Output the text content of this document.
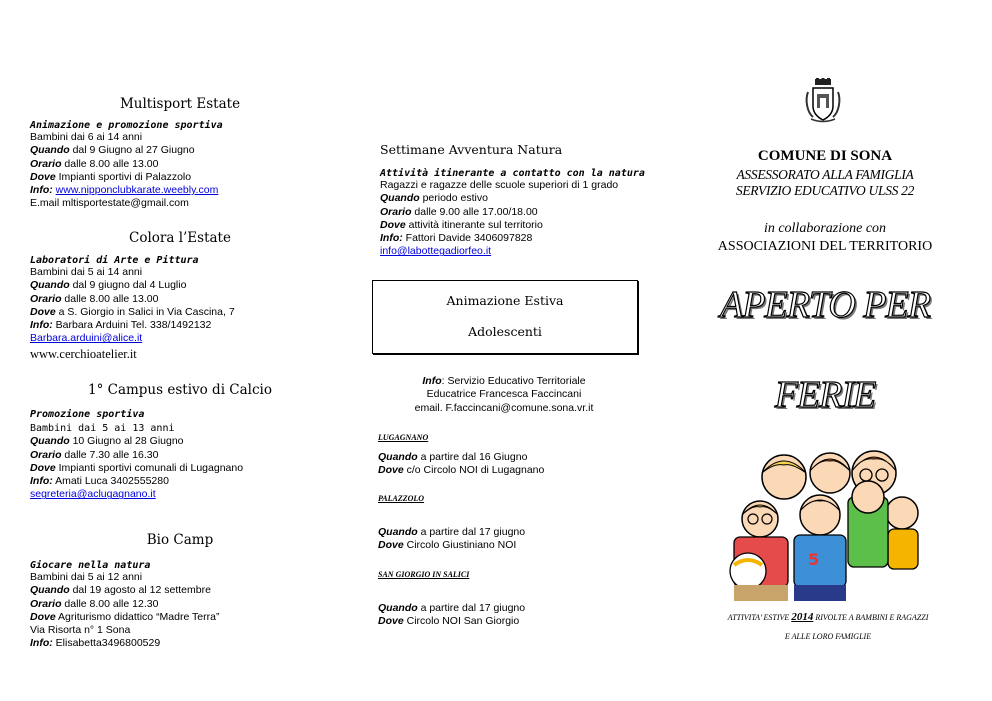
Multisport Estate
Animazione e promozione sportiva
Bambini dai 6 ai 14 anni
Quando dal 9 Giugno al 27 Giugno
Orario dalle 8.00 alle 13.00
Dove Impianti sportivi di Palazzolo
Info: www.nipponclubkarate.weebly.com
E.mail mltisportestate@gmail.com
Colora l’Estate
Laboratori di Arte e Pittura
Bambini dai 5 ai 14 anni
Quando dal 9 giugno dal 4 Luglio
Orario dalle 8.00 alle 13.00
Dove a S. Giorgio in Salici in Via Cascina, 7
Info: Barbara Arduini Tel. 338/1492132
Barbara.arduini@alice.it
www.cerchioatelier.it
1° Campus estivo di Calcio
Promozione sportiva
Bambini dai 5 ai 13 anni
Quando 10 Giugno al 28 Giugno
Orario dalle 7.30 alle 16.30
Dove Impianti sportivi comunali di Lugagnano
Info: Amati Luca 3402555280
segreteria@aclugagnano.it
Bio Camp
Giocare nella natura
Bambini dai 5 ai 12 anni
Quando dal 19 agosto al 12 settembre
Orario dalle 8.00 alle 12.30
Dove Agriturismo didattico “Madre Terra”
Via Risorta n° 1 Sona
Info: Elisabetta3496800529
Settimane Avventura Natura
Attività itinerante a contatto con la natura
Ragazzi e ragazze delle scuole superiori di 1 grado
Quando periodo estivo
Orario dalle 9.00 alle 17.00/18.00
Dove attività itinerante sul territorio
Info: Fattori Davide 3406097828
info@labottegadiorfeo.it
Animazione Estiva
Adolescenti
Info: Servizio Educativo Territoriale
Educatrice Francesca Faccincani
email. F.faccincani@comune.sona.vr.it
LUGAGNANO
Quando a partire dal 16 Giugno
Dove c/o Circolo NOI di Lugagnano
PALAZZOLO
Quando a partire dal 17 giugno
Dove Circolo Giustiniano NOI
SAN GIORGIO IN SALICI
Quando a partire dal 17 giugno
Dove Circolo NOI San Giorgio
COMUNE DI SONA
ASSESSORATO ALLA FAMIGLIA
SERVIZIO EDUCATIVO ULSS 22
in collaborazione con
ASSOCIAZIONI DEL TERRITORIO
APERTO PER
FERIE
5
ATTIVITA’ ESTIVE 2014 RIVOLTE A BAMBINI E RAGAZZI
E ALLE LORO FAMIGLIE
